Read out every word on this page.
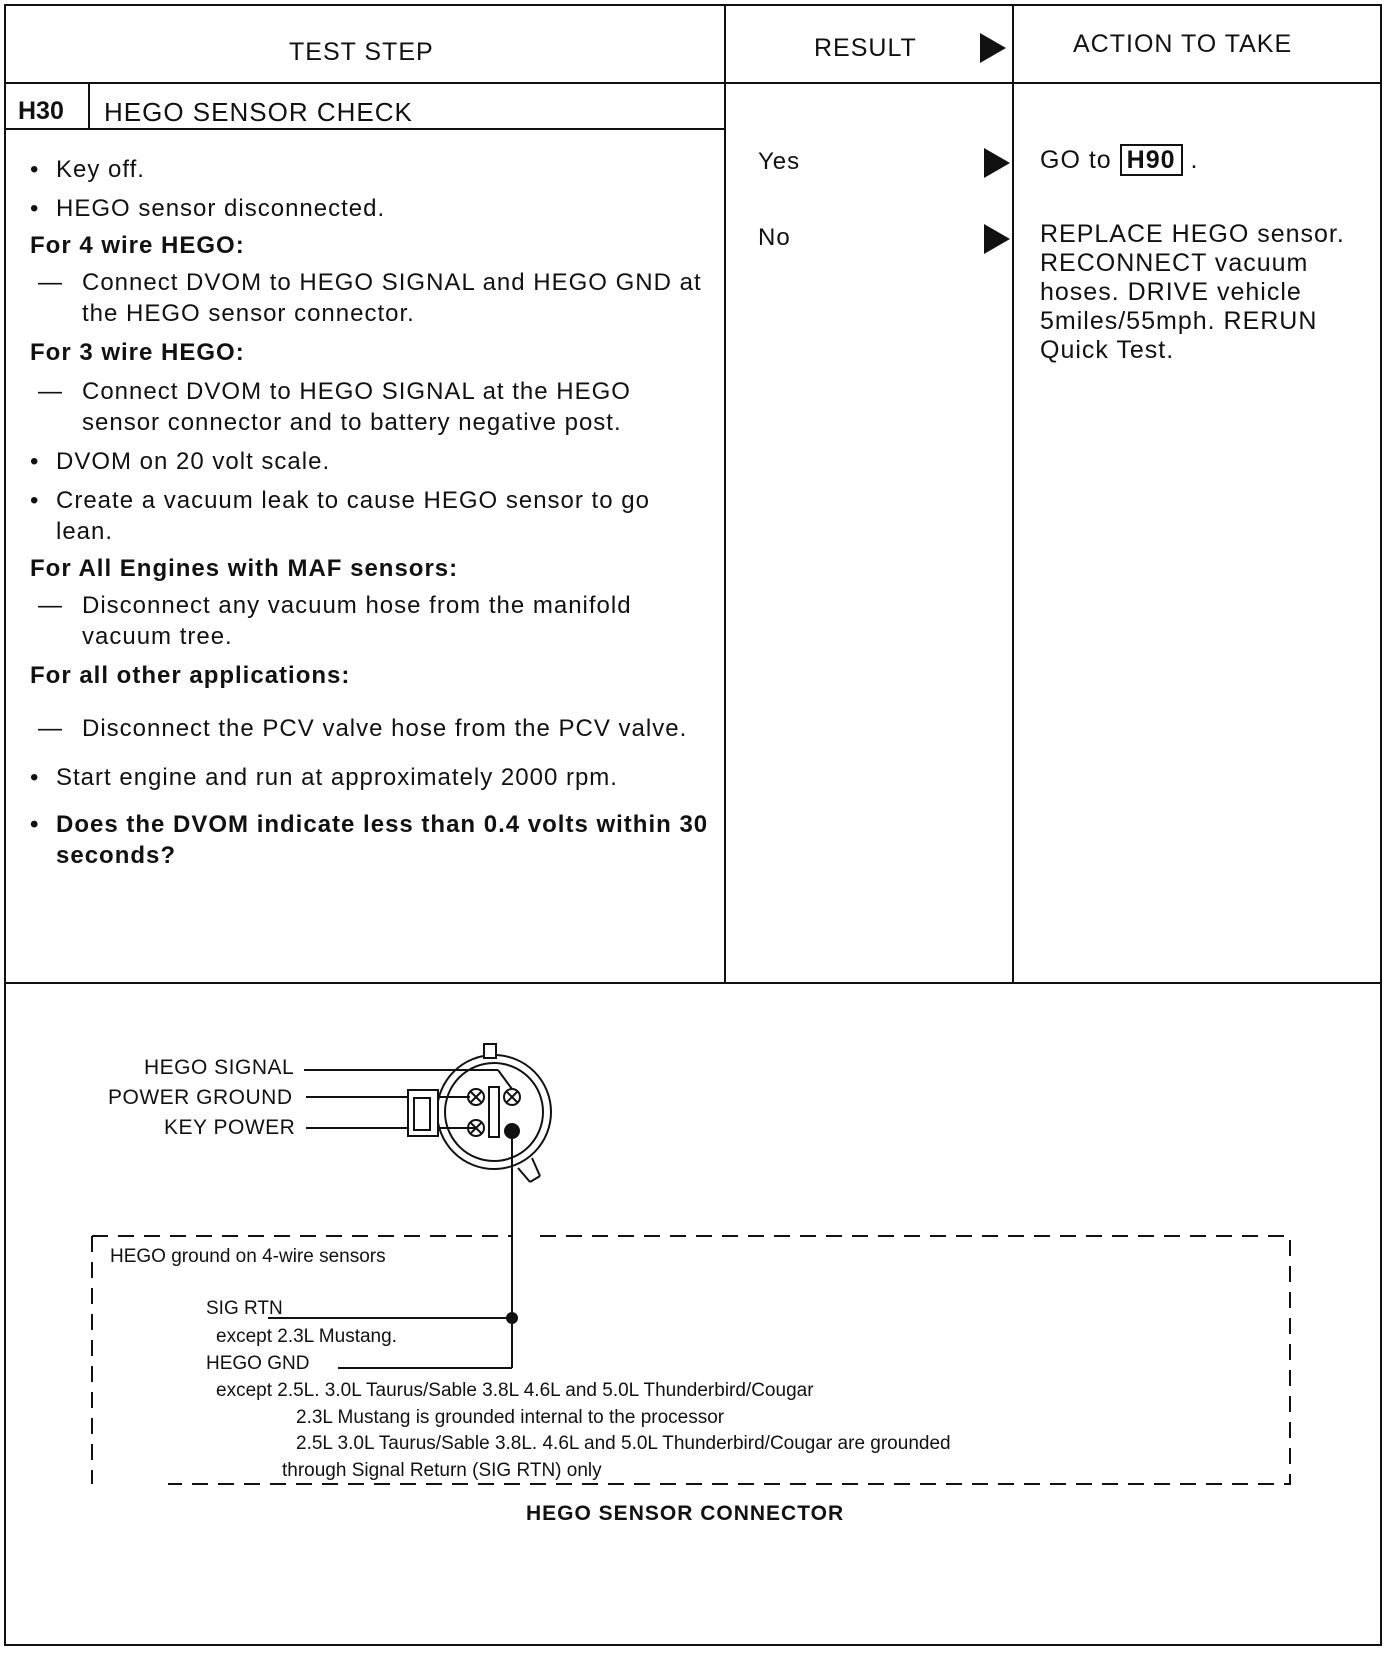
TEST STEP	RESULT	ACTION TO TAKE
H30 HEGO SENSOR CHECK

• Key off.

• HEGO sensor disconnected.

For 4 wire HEGO:

— Connect DVOM to HEGO SIGNAL and HEGO GND at the HEGO sensor connector.

For 3 wire HEGO:

— Connect DVOM to HEGO SIGNAL at the HEGO sensor connector and to battery negative post.

• DVOM on 20 volt scale.

• Create a vacuum leak to cause HEGO sensor to go lean.

For All Engines with MAF sensors:

— Disconnect any vacuum hose from the manifold vacuum tree.

For all other applications:

— Disconnect the PCV valve hose from the PCV valve.

• Start engine and run at approximately 2000 rpm.

• Does the DVOM indicate less than 0.4 volts within 30 seconds?

Yes
No
GO to H90 .
REPLACE HEGO sensor. RECONNECT vacuum hoses. DRIVE vehicle 5miles/55mph. RERUN Quick Test.
HEGO SIGNAL
POWER GROUND
KEY POWER
HEGO ground on 4-wire sensors
SIG RTN
except 2.3L Mustang.
HEGO GND
except 2.5L. 3.0L Taurus/Sable 3.8L 4.6L and 5.0L Thunderbird/Cougar
2.3L Mustang is grounded internal to the processor
2.5L 3.0L Taurus/Sable 3.8L. 4.6L and 5.0L Thunderbird/Cougar are grounded
through Signal Return (SIG RTN) only
HEGO SENSOR CONNECTOR
